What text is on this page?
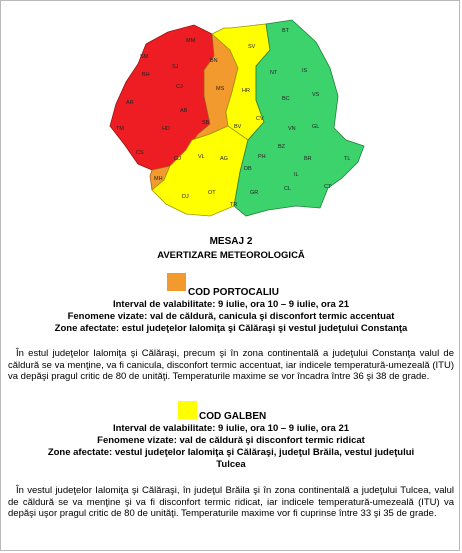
SM
MM
SJ
BH
CJ
AR
AB
TM	HD
CS
BN
MS
SB
GJ
MH
SV
HR
CV
BV
VL	AG
OT
DJ
BT
NT	IS
BC
VS
VN	GL
BZ
PH	TL
BR
IL
CT
DB
GR
TR
CL
MESAJ 2
AVERTIZARE METEOROLOGICĂ
COD PORTOCALIU
Interval de valabilitate: 9 iulie, ora 10 – 9 iulie, ora 21
Fenomene vizate: val de căldură, canicula şi disconfort termic accentuat
Zone afectate: estul judeţelor Ialomiţa şi Călăraşi şi vestul judeţului Constanţa
În estul judeţelor Ialomiţa şi Călăraşi, precum şi în zona continentală a judeţului Constanţa valul de căldură se va menţine, va fi canicula, disconfort termic accentuat, iar indicele temperatură-umezeală (ITU) va depăşi pragul critic de 80 de unităţi. Temperaturile maxime se vor încadra între 36 şi 38 de grade.
COD GALBEN
Interval de valabilitate: 9 iulie, ora 10 – 9 iulie, ora 21
Fenomene vizate: val de căldură şi disconfort termic ridicat
Zone afectate: vestul judeţelor Ialomiţa şi Călăraşi, judeţul Brăila, vestul judeţului
Tulcea
În vestul judeţelor Ialomiţa şi Călăraşi, în judeţul Brăila şi în zona continentală a judeţului Tulcea, valul de căldură se va menţine şi va fi disconfort termic ridicat, iar indicele temperatură-umezeală (ITU) va depăşi uşor pragul critic de 80 de unităţi. Temperaturile maxime vor fi cuprinse între 33 şi 35 de grade.
